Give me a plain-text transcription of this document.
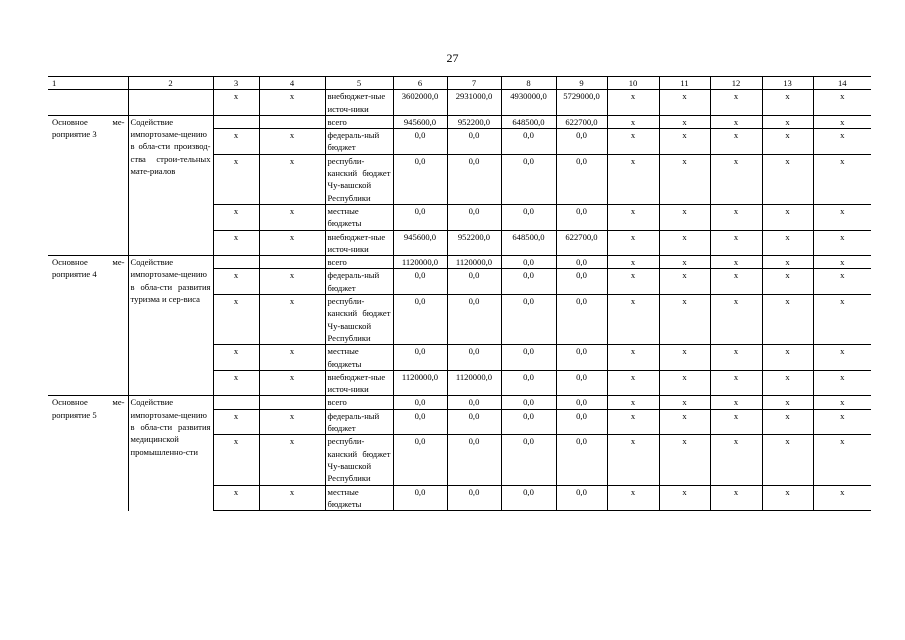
27
1	2	3	4	5	6	7	8	9	10	11	12	13	14
		х	х	внебюджет-ные источ-ники	3602000,0	2931000,0	4930000,0	5729000,0	х	х	х	х	х
Основное ме-роприятие 3	Содействие импортозаме-щению в обла-сти производ-ства строи-тельных мате-риалов			всего	945600,0	952200,0	648500,0	622700,0	х	х	х	х	х
		х	х	федераль-ный бюджет	0,0	0,0	0,0	0,0	х	х	х	х	х
		х	х	республи-канский бюджет Чу-вашской Республики	0,0	0,0	0,0	0,0	х	х	х	х	х
		х	х	местные бюджеты	0,0	0,0	0,0	0,0	х	х	х	х	х
		х	х	внебюджет-ные источ-ники	945600,0	952200,0	648500,0	622700,0	х	х	х	х	х
Основное ме-роприятие 4	Содействие импортозаме-щению в обла-сти развития туризма и сер-виса			всего	1120000,0	1120000,0	0,0	0,0	х	х	х	х	х
		х	х	федераль-ный бюджет	0,0	0,0	0,0	0,0	х	х	х	х	х
		х	х	республи-канский бюджет Чу-вашской Республики	0,0	0,0	0,0	0,0	х	х	х	х	х
		х	х	местные бюджеты	0,0	0,0	0,0	0,0	х	х	х	х	х
		х	х	внебюджет-ные источ-ники	1120000,0	1120000,0	0,0	0,0	х	х	х	х	х
Основное ме-роприятие 5	Содействие импортозаме-щению в обла-сти развития медицинской промышленно-сти			всего	0,0	0,0	0,0	0,0	х	х	х	х	х
		х	х	федераль-ный бюджет	0,0	0,0	0,0	0,0	х	х	х	х	х
		х	х	республи-канский бюджет Чу-вашской Республики	0,0	0,0	0,0	0,0	х	х	х	х	х
		х	х	местные бюджеты	0,0	0,0	0,0	0,0	х	х	х	х	х
